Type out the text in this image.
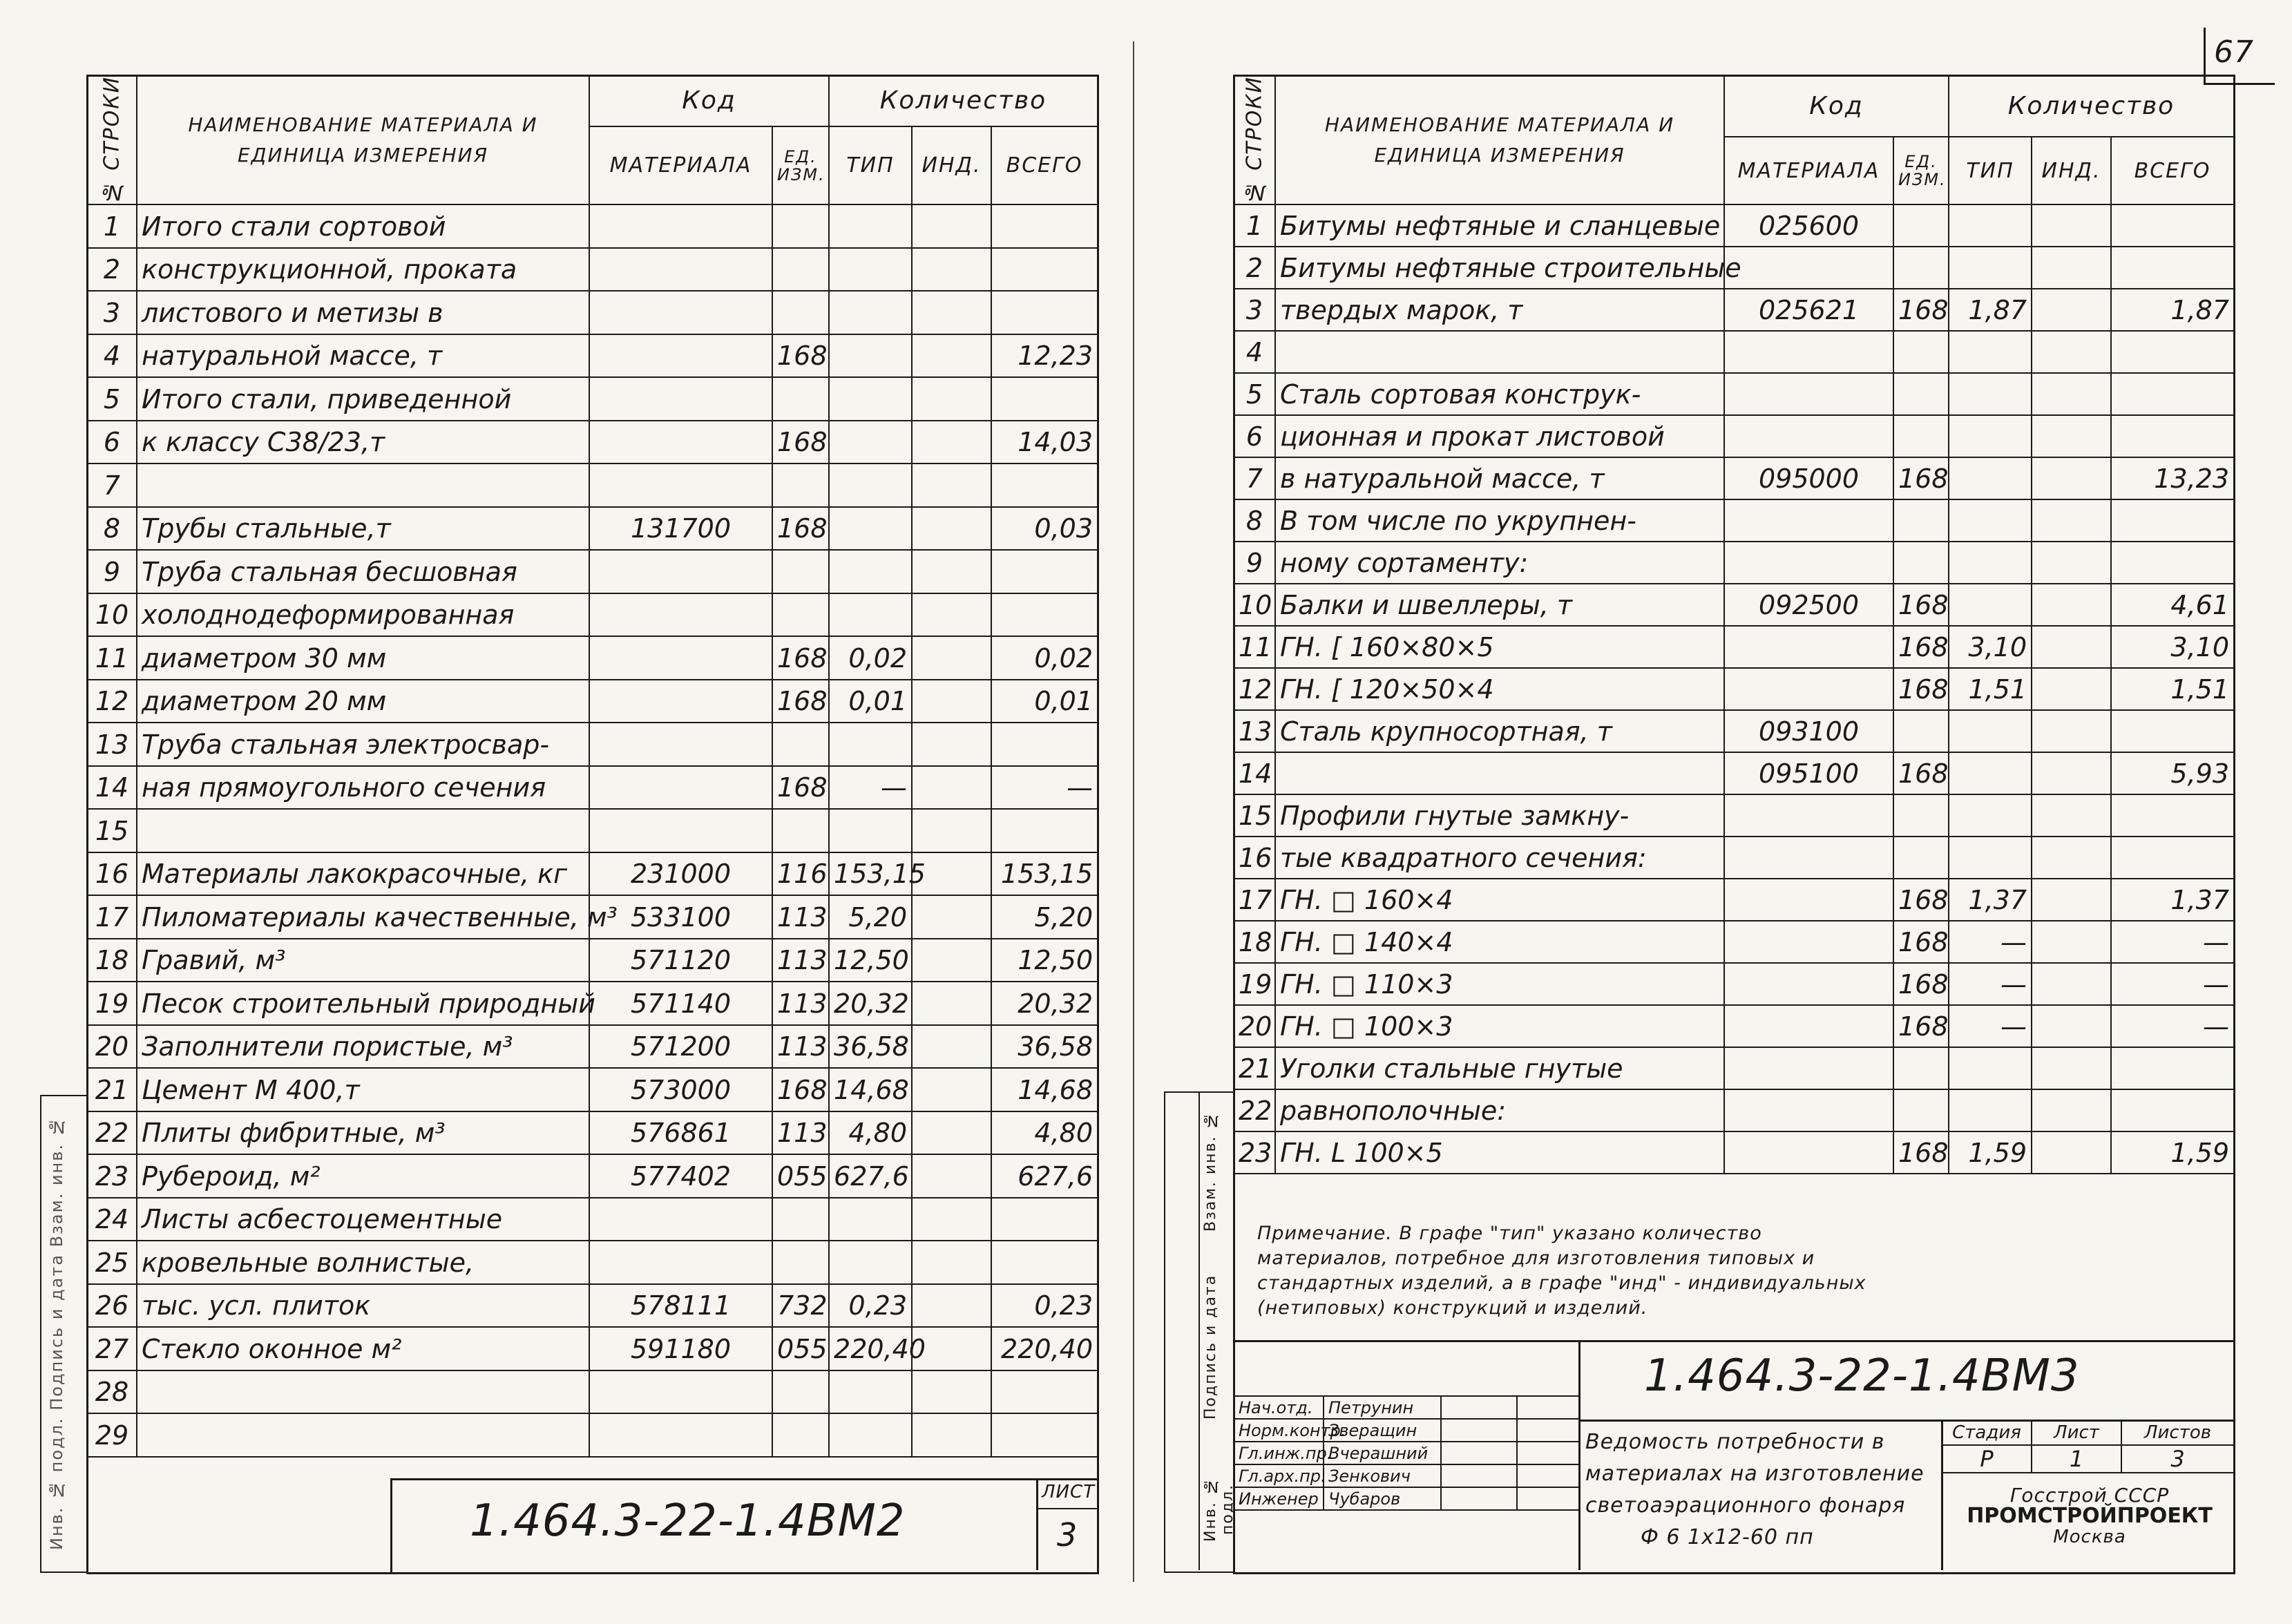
67
№ СТРОКИ	НАИМЕНОВАНИЕ МАТЕРИАЛА И ЕДИНИЦА ИЗМЕРЕНИЯ	Код		Количество		
		МАТЕРИАЛА	ЕД. ИЗМ.	ТИП	ИНД.	ВСЕГО
1	Итого стали сортовой					
2	конструкционной, проката					
3	листового и метизы в					
4	натуральной массе, т		168			12,23
5	Итого стали, приведенной					
6	к классу С38/23,т		168			14,03
7						
8	Трубы стальные,т	131700	168			0,03
9	Труба стальная бесшовная					
10	холоднодеформированная					
11	диаметром 30 мм		168	0,02		0,02
12	диаметром 20 мм		168	0,01		0,01
13	Труба стальная электросвар-					
14	ная прямоугольного сечения		168	—		—
15						
16	Материалы лакокрасочные, кг	231000	116	153,15		153,15
17	Пиломатериалы качественные, м³	533100	113	5,20		5,20
18	Гравий, м³	571120	113	12,50		12,50
19	Песок строительный природный	571140	113	20,32		20,32
20	Заполнители пористые, м³	571200	113	36,58		36,58
21	Цемент М 400,т	573000	168	14,68		14,68
22	Плиты фибритные, м³	576861	113	4,80		4,80
23	Рубероид, м²	577402	055	627,6		627,6
24	Листы асбестоцементные					
25	кровельные волнистые,					
26	тыс. усл. плиток	578111	732	0,23		0,23
27	Стекло оконное м²	591180	055	220,40		220,40
28						
29						
1.464.3-22-1.4ВМ2
ЛИСТ
3
Инв. № подл. Подпись и дата Взам. инв. №
№ СТРОКИ	НАИМЕНОВАНИЕ МАТЕРИАЛА И ЕДИНИЦА ИЗМЕРЕНИЯ	Код		Количество		
		МАТЕРИАЛА	ЕД. ИЗМ.	ТИП	ИНД.	ВСЕГО
1	Битумы нефтяные и сланцевые	025600				
2	Битумы нефтяные строительные					
3	твердых марок, т	025621	168	1,87		1,87
4						
5	Сталь сортовая конструк-					
6	ционная и прокат листовой					
7	в натуральной массе, т	095000	168			13,23
8	В том числе по укрупнен-					
9	ному сортаменту:					
10	Балки и швеллеры, т	092500	168			4,61
11	ГН. [ 160×80×5		168	3,10		3,10
12	ГН. [ 120×50×4		168	1,51		1,51
13	Сталь крупносортная, т	093100				
14		095100	168			5,93
15	Профили гнутые замкну-					
16	тые квадратного сечения:					
17	ГН. □ 160×4		168	1,37		1,37
18	ГН. □ 140×4		168	—		—
19	ГН. □ 110×3		168	—		—
20	ГН. □ 100×3		168	—		—
21	Уголки стальные гнутые					
22	равнополочные:					
23	ГН. L 100×5		168	1,59		1,59
Примечание. В графе "тип" указано количество материалов, потребное для изготовления типовых и стандартных изделий, а в графе "инд" - индивидуальных (нетиповых) конструкций и изделий.
1.464.3-22-1.4ВМ3
Нач.отд.	Петрунин		
Норм.контр.	Зверащин		
Гл.инж.пр.	Вчерашний		
Гл.арх.пр.	Зенкович		
Инженер	Чубаров		
Ведомость потребности в
материалах на изготовление
светоаэрационного фонаря
Ф 6 1х12-60 пп
Стадия	Лист	Листов
Р	1	3
Госстрой СССР
ПРОМСТРОЙПРОЕКТ
Москва
Инв. № подл.
Подпись и дата
Взам. инв. №
